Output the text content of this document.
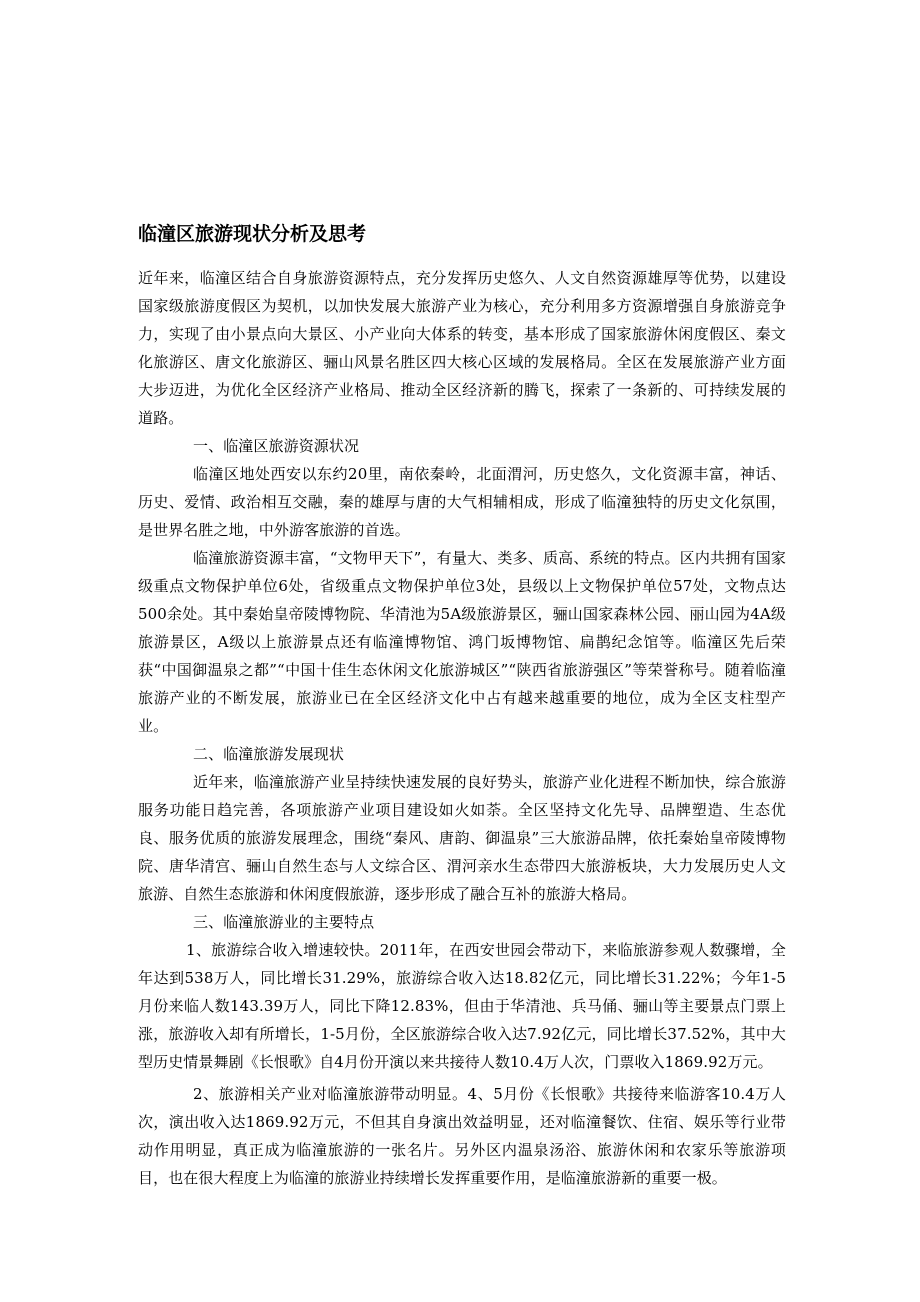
临潼区旅游现状分析及思考

近年来，临潼区结合自身旅游资源特点，充分发挥历史悠久、人文自然资源雄厚等优势，以建设国家级旅游度假区为契机，以加快发展大旅游产业为核心，充分利用多方资源增强自身旅游竞争力，实现了由小景点向大景区、小产业向大体系的转变，基本形成了国家旅游休闲度假区、秦文化旅游区、唐文化旅游区、骊山风景名胜区四大核心区域的发展格局。全区在发展旅游产业方面大步迈进，为优化全区经济产业格局、推动全区经济新的腾飞，探索了一条新的、可持续发展的道路。

一、临潼区旅游资源状况

临潼区地处西安以东约20里，南依秦岭，北面渭河，历史悠久，文化资源丰富，神话、历史、爱情、政治相互交融，秦的雄厚与唐的大气相辅相成，形成了临潼独特的历史文化氛围，是世界名胜之地，中外游客旅游的首选。

临潼旅游资源丰富，“文物甲天下”，有量大、类多、质高、系统的特点。区内共拥有国家级重点文物保护单位6处，省级重点文物保护单位3处，县级以上文物保护单位57处，文物点达500余处。其中秦始皇帝陵博物院、华清池为5A级旅游景区，骊山国家森林公园、丽山园为4A级旅游景区，A级以上旅游景点还有临潼博物馆、鸿门坂博物馆、扁鹊纪念馆等。临潼区先后荣获“中国御温泉之都”“中国十佳生态休闲文化旅游城区”“陕西省旅游强区”等荣誉称号。随着临潼旅游产业的不断发展，旅游业已在全区经济文化中占有越来越重要的地位，成为全区支柱型产业。

二、临潼旅游发展现状

近年来，临潼旅游产业呈持续快速发展的良好势头，旅游产业化进程不断加快，综合旅游服务功能日趋完善，各项旅游产业项目建设如火如荼。全区坚持文化先导、品牌塑造、生态优良、服务优质的旅游发展理念，围绕“秦风、唐韵、御温泉”三大旅游品牌，依托秦始皇帝陵博物院、唐华清宫、骊山自然生态与人文综合区、渭河亲水生态带四大旅游板块，大力发展历史人文旅游、自然生态旅游和休闲度假旅游，逐步形成了融合互补的旅游大格局。

三、临潼旅游业的主要特点

1、旅游综合收入增速较快。2011年，在西安世园会带动下，来临旅游参观人数骤增，全年达到538万人，同比增长31.29%，旅游综合收入达18.82亿元，同比增长31.22%；今年1-5月份来临人数143.39万人，同比下降12.83%，但由于华清池、兵马俑、骊山等主要景点门票上涨，旅游收入却有所增长，1-5月份，全区旅游综合收入达7.92亿元，同比增长37.52%，其中大型历史情景舞剧《长恨歌》自4月份开演以来共接待人数10.4万人次，门票收入1869.92万元。

2、旅游相关产业对临潼旅游带动明显。4、5月份《长恨歌》共接待来临游客10.4万人次，演出收入达1869.92万元，不但其自身演出效益明显，还对临潼餐饮、住宿、娱乐等行业带动作用明显，真正成为临潼旅游的一张名片。另外区内温泉汤浴、旅游休闲和农家乐等旅游项目，也在很大程度上为临潼的旅游业持续增长发挥重要作用，是临潼旅游新的重要一极。
